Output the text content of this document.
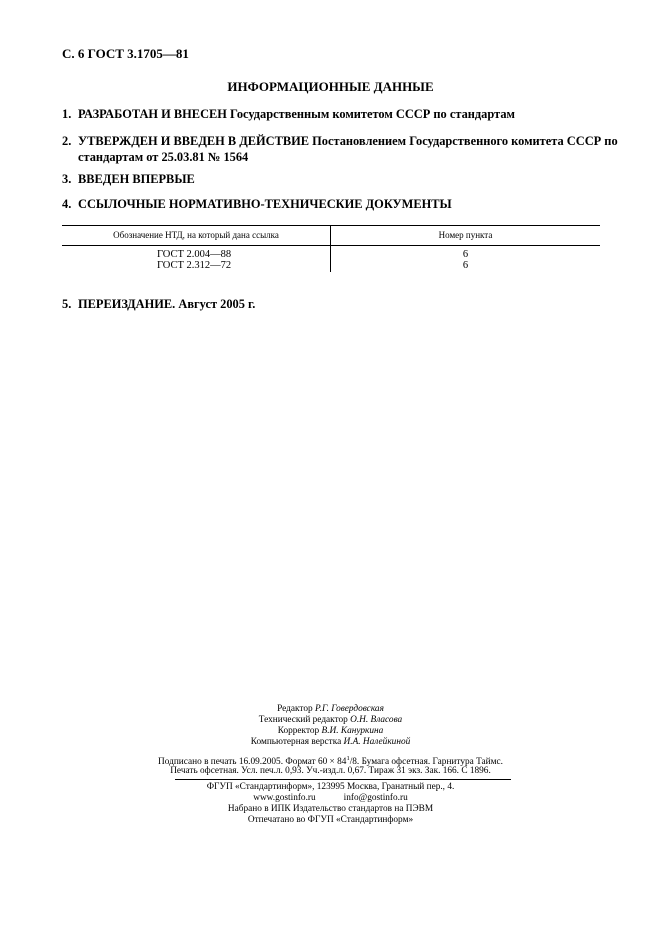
С. 6 ГОСТ 3.1705—81
ИНФОРМАЦИОННЫЕ ДАННЫЕ
1. РАЗРАБОТАН И ВНЕСЕН Государственным комитетом СССР по стандартам
2. УТВЕРЖДЕН И ВВЕДЕН В ДЕЙСТВИЕ Постановлением Государственного комитета СССР по
стандартам от 25.03.81 № 1564
3. ВВЕДЕН ВПЕРВЫЕ
4. ССЫЛОЧНЫЕ НОРМАТИВНО-ТЕХНИЧЕСКИЕ ДОКУМЕНТЫ
Обозначение НТД, на который дана ссылка	Номер пункта
ГОСТ 2.004—88	6
ГОСТ 2.312—72	6
5. ПЕРЕИЗДАНИЕ. Август 2005 г.
Редактор Р.Г. Говердовская
Технический редактор О.Н. Власова
Корректор В.И. Кануркина
Компьютерная верстка И.А. Налейкиной
Подписано в печать 16.09.2005. Формат $60 \times 84^1/8$. Бумага офсетная. Гарнитура Таймс.
Печать офсетная. Усл. печ.л. 0,93. Уч.-изд.л. 0,67. Тираж 31 экз. Зак. 166. С 1896.
ФГУП «Стандартинформ», 123995 Москва, Гранатный пер., 4.
www.gostinfo.ru	info@gostinfo.ru
Набрано в ИПК Издательство стандартов на ПЭВМ
Отпечатано во ФГУП «Стандартинформ»
